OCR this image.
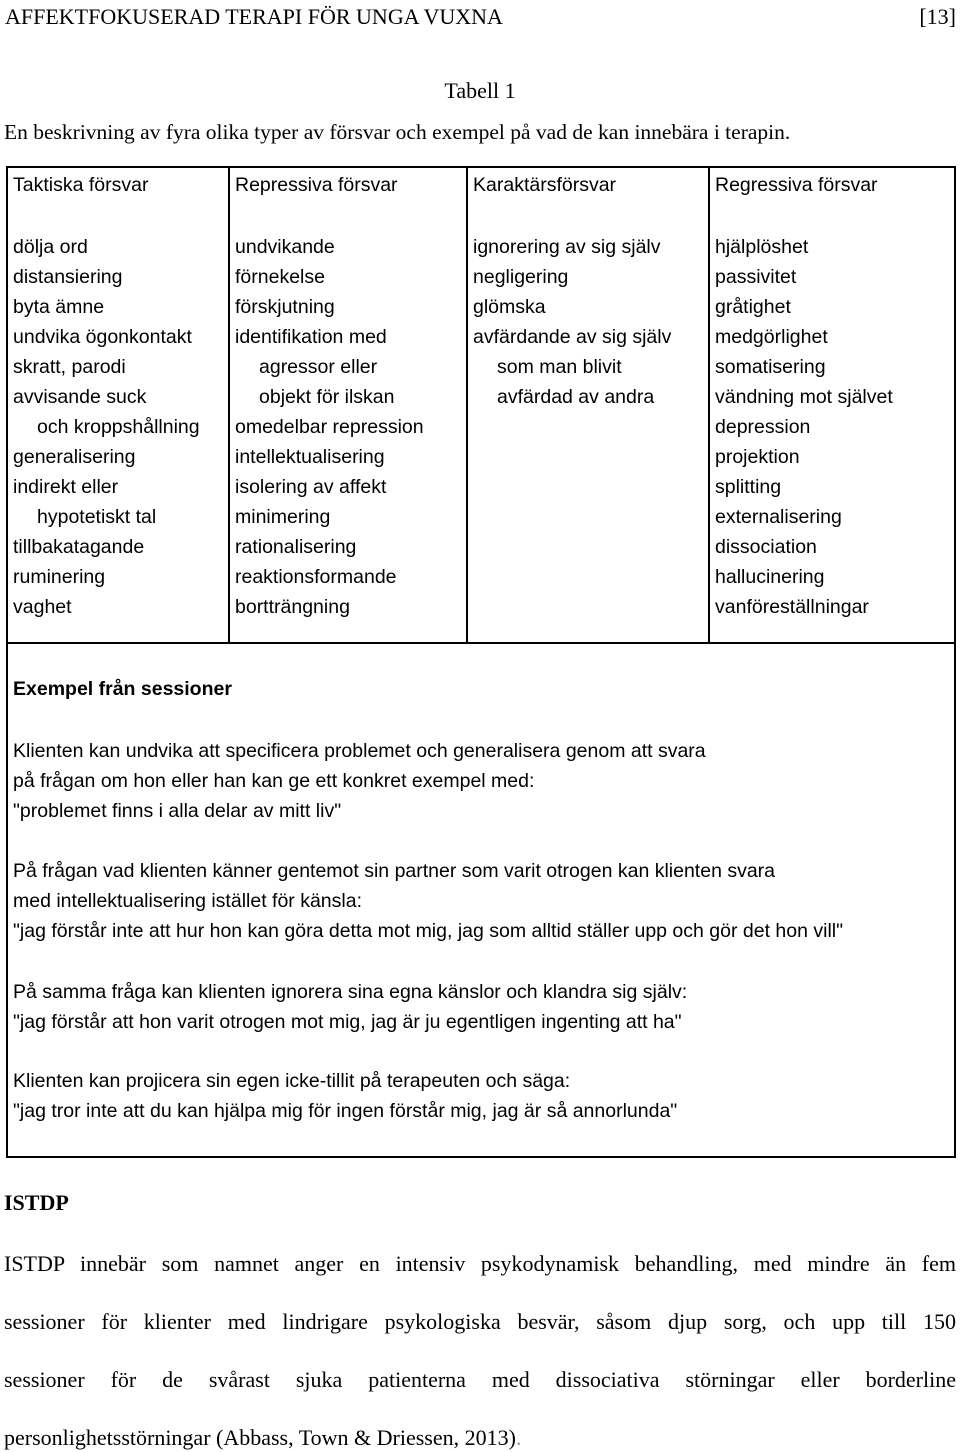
AFFEKTFOKUSERAD TERAPI FÖR UNGA VUXNA	[13]
Tabell 1
En beskrivning av fyra olika typer av försvar och exempel på vad de kan innebära i terapin.
Taktiska försvar
dölja ord
distansiering
byta ämne
undvika ögonkontakt
skratt, parodi
avvisande suck
och kroppshållning
generalisering
indirekt eller
hypotetiskt tal
tillbakatagande
ruminering
vaghet
Repressiva försvar
undvikande
förnekelse
förskjutning
identifikation med
agressor eller
objekt för ilskan
omedelbar repression
intellektualisering
isolering av affekt
minimering
rationalisering
reaktionsformande
bortträngning
Karaktärsförsvar
ignorering av sig själv
negligering
glömska
avfärdande av sig själv
som man blivit
avfärdad av andra
Regressiva försvar
hjälplöshet
passivitet
gråtighet
medgörlighet
somatisering
vändning mot självet
depression
projektion
splitting
externalisering
dissociation
hallucinering
vanföreställningar
Exempel från sessioner
Klienten kan undvika att specificera problemet och generalisera genom att svara
på frågan om hon eller han kan ge ett konkret exempel med:
"problemet finns i alla delar av mitt liv"
På frågan vad klienten känner gentemot sin partner som varit otrogen kan klienten svara
med intellektualisering istället för känsla:
"jag förstår inte att hur hon kan göra detta mot mig, jag som alltid ställer upp och gör det hon vill"
På samma fråga kan klienten ignorera sina egna känslor och klandra sig själv:
"jag förstår att hon varit otrogen mot mig, jag är ju egentligen ingenting att ha"
Klienten kan projicera sin egen icke-tillit på terapeuten och säga:
"jag tror inte att du kan hjälpa mig för ingen förstår mig, jag är så annorlunda"
ISTDP
ISTDP innebär som namnet anger en intensiv psykodynamisk behandling, med mindre än fem
sessioner för klienter med lindrigare psykologiska besvär, såsom djup sorg, och upp till 150
sessioner för de svårast sjuka patienterna med dissociativa störningar eller borderline
personlighetsstörningar (Abbass, Town & Driessen, 2013).
